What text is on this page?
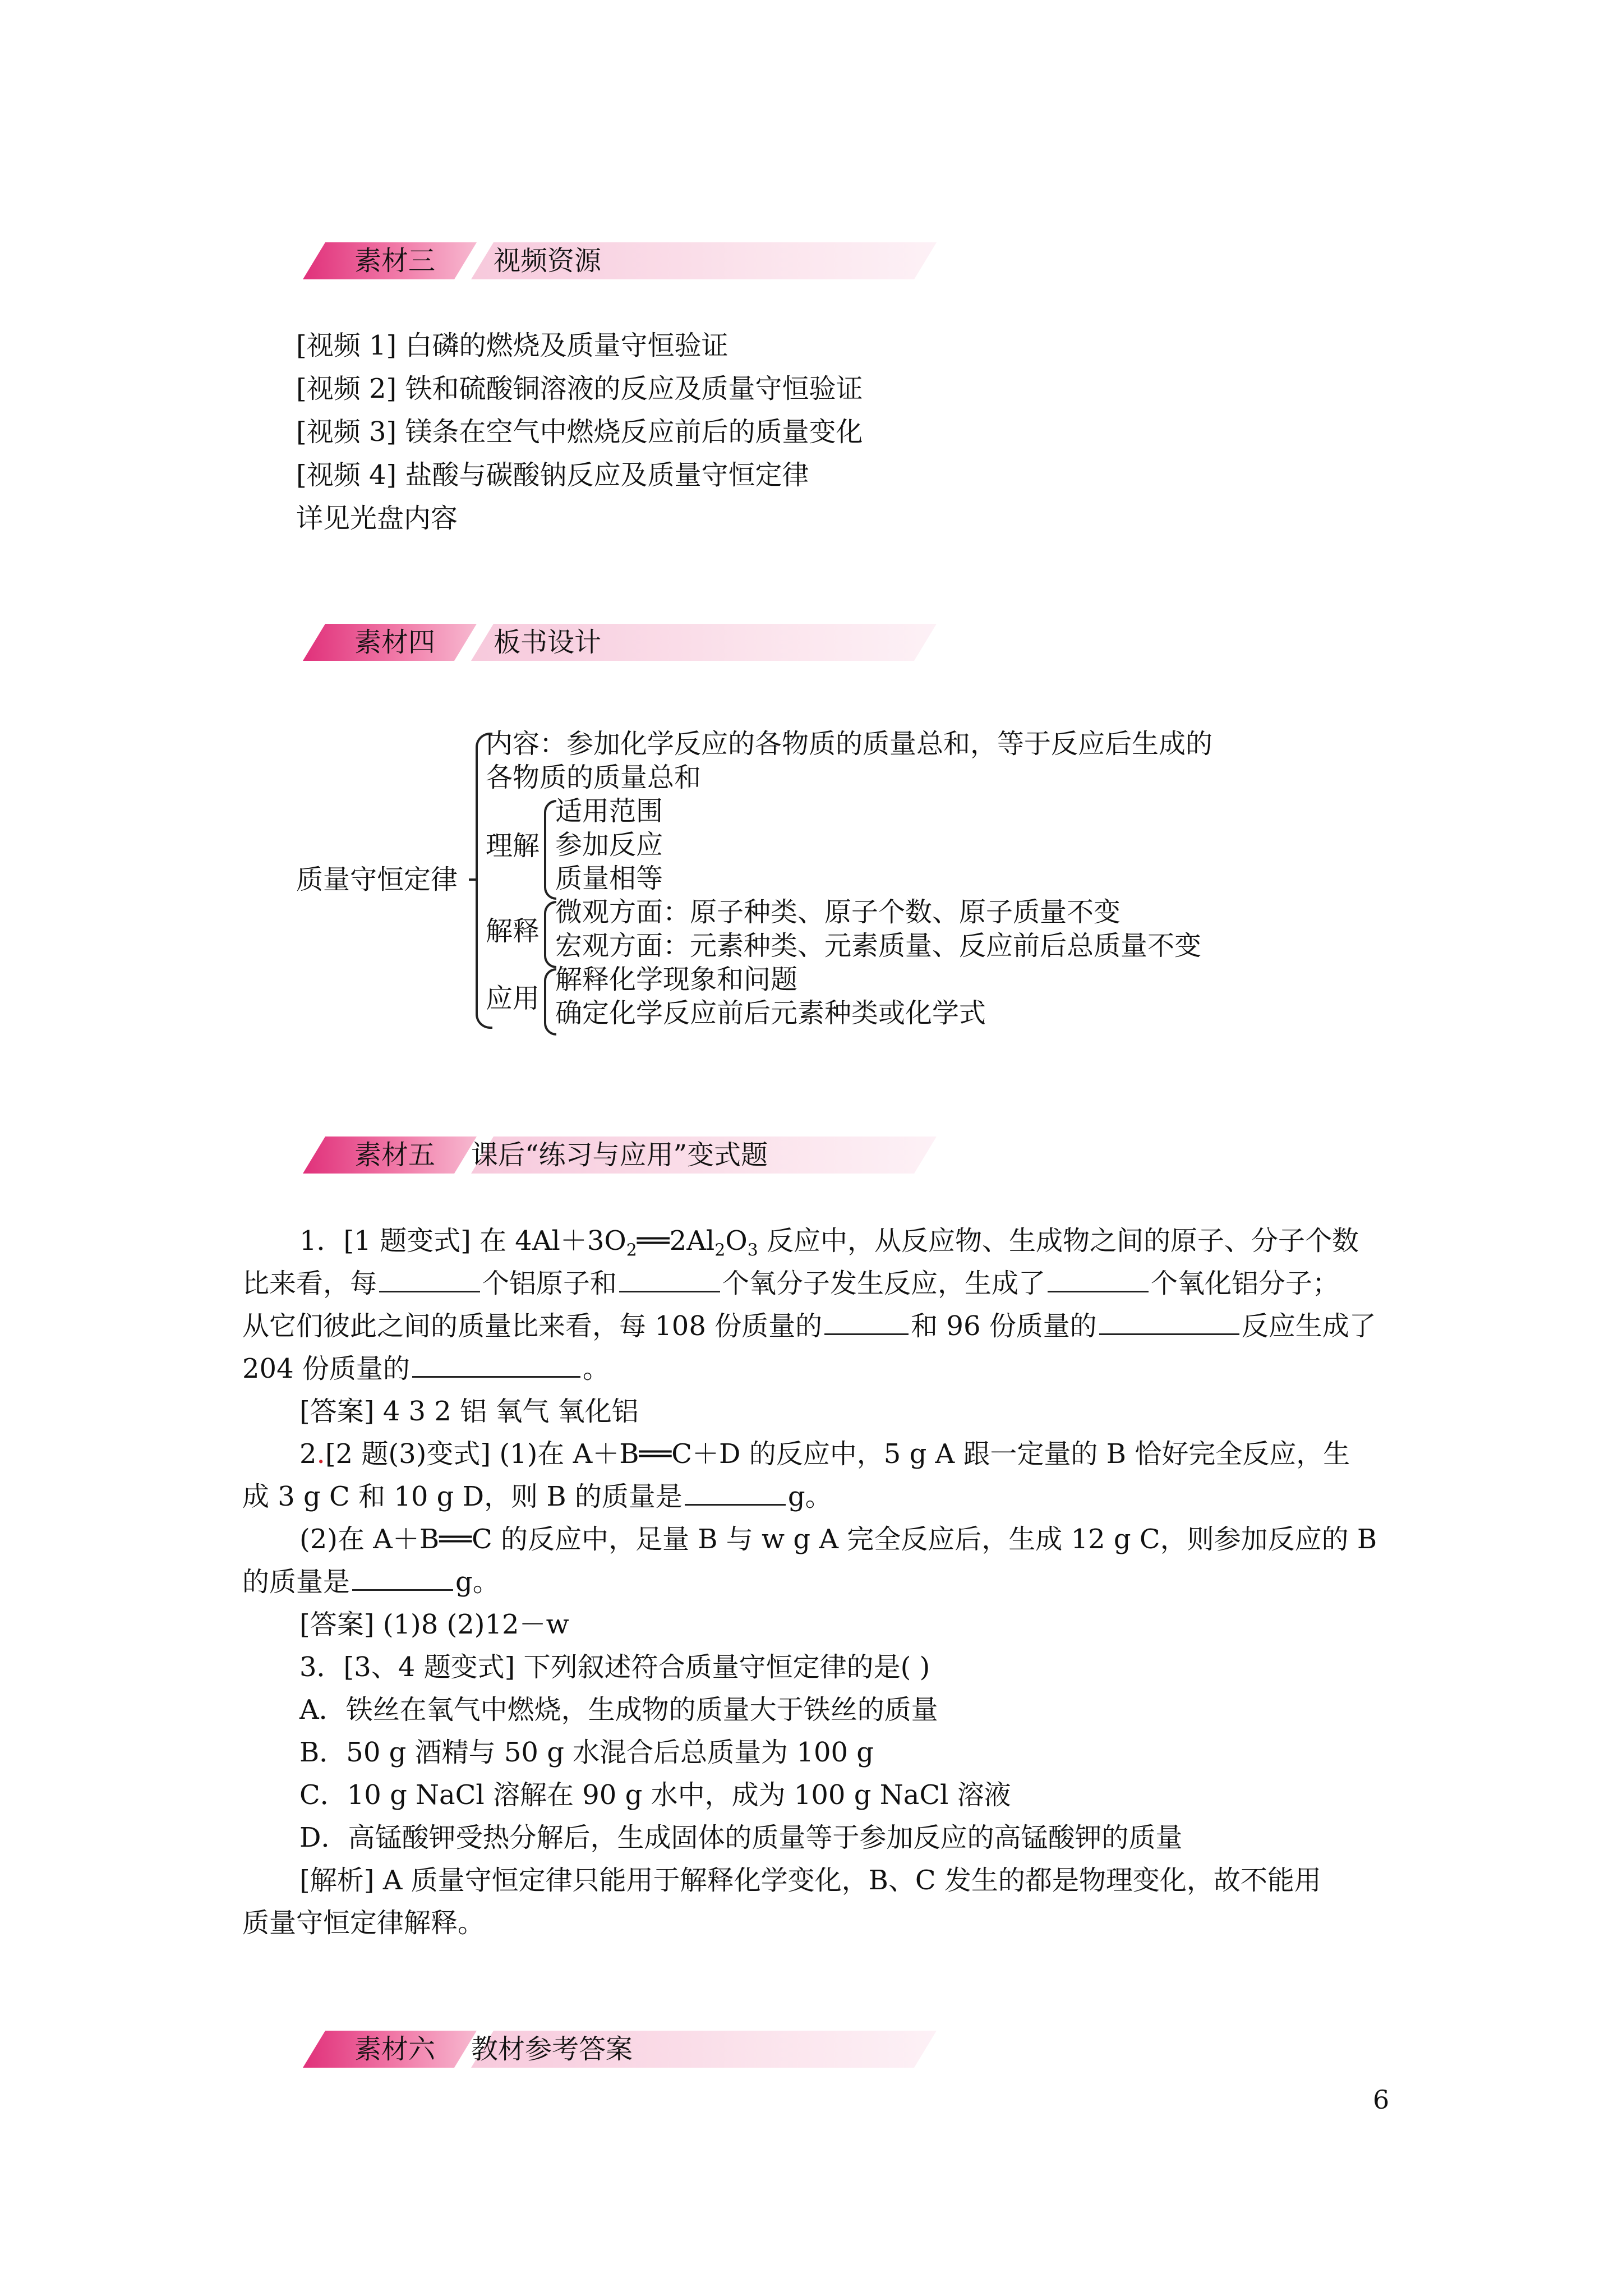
素材三 视频资源
[视频 1] 白磷的燃烧及质量守恒验证
[视频 2] 铁和硫酸铜溶液的反应及质量守恒验证
[视频 3] 镁条在空气中燃烧反应前后的质量变化
[视频 4] 盐酸与碳酸钠反应及质量守恒定律
详见光盘内容
素材四 板书设计
质量守恒定律
内容：参加化学反应的各物质的质量总和，等于反应后生成的
各物质的质量总和
理解
适用范围
参加反应
质量相等
解释
微观方面：原子种类、原子个数、原子质量不变
宏观方面：元素种类、元素质量、反应前后总质量不变
应用
解释化学现象和问题
确定化学反应前后元素种类或化学式
素材五 课后“练习与应用”变式题
1．[1 题变式] 在 $4Al+3O_2══2Al_2O_3$ 反应中，从反应物、生成物之间的原子、分子个数
比来看，每	个铝原子和	个氧分子发生反应，生成了	个氧化铝分子；
从它们彼此之间的质量比来看，每 108 份质量的	和 96 份质量的	反应生成了
204 份质量的	。
[答案] 4 3 2 铝 氧气 氧化铝
2.[2 题(3)变式] (1)在 A＋B══C＋D 的反应中，5 g A 跟一定量的 B 恰好完全反应，生
成 3 g C 和 10 g D，则 B 的质量是	g。
(2)在 A＋B══C 的反应中，足量 B 与 w g A 完全反应后，生成 12 g C，则参加反应的 B
的质量是	g。
[答案] (1)8 (2)12－w
3．[3、4 题变式] 下列叙述符合质量守恒定律的是( )
A．铁丝在氧气中燃烧，生成物的质量大于铁丝的质量
B．50 g 酒精与 50 g 水混合后总质量为 100 g
C．10 g NaCl 溶解在 90 g 水中，成为 100 g NaCl 溶液
D．高锰酸钾受热分解后，生成固体的质量等于参加反应的高锰酸钾的质量
[解析] A 质量守恒定律只能用于解释化学变化，B、C 发生的都是物理变化，故不能用
质量守恒定律解释。
素材六 教材参考答案
6
